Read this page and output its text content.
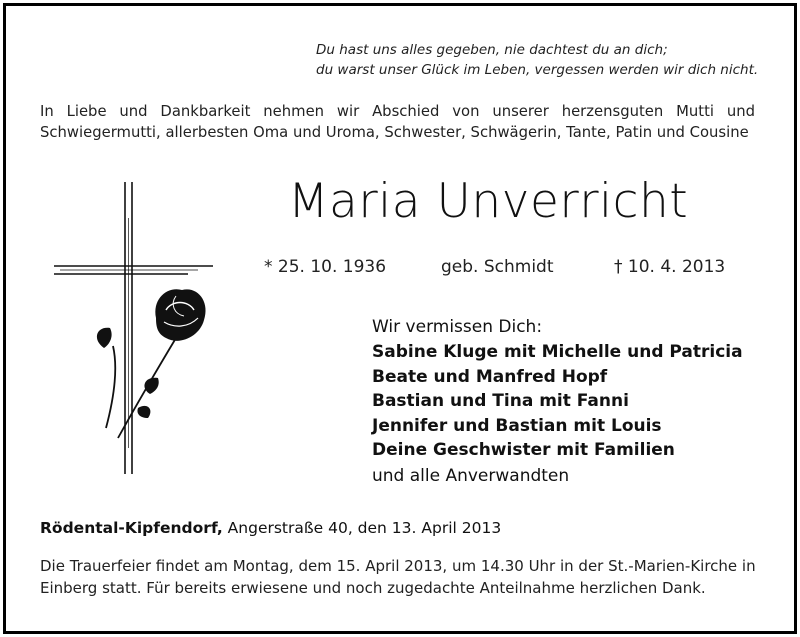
Du hast uns alles gegeben, nie dachtest du an dich;
du warst unser Glück im Leben, vergessen werden wir dich nicht.
In Liebe und Dankbarkeit nehmen wir Abschied von unserer herzensguten Mutti und Schwiegermutti, allerbesten Oma und Uroma, Schwester, Schwägerin, Tante, Patin und Cousine
Maria Unverricht
* 25. 10. 1936	geb. Schmidt	† 10. 4. 2013
Wir vermissen Dich:
Sabine Kluge mit Michelle und Patricia
Beate und Manfred Hopf
Bastian und Tina mit Fanni
Jennifer und Bastian mit Louis
Deine Geschwister mit Familien
und alle Anverwandten
Rödental-Kipfendorf, Angerstraße 40, den 13. April 2013
Die Trauerfeier findet am Montag, dem 15. April 2013, um 14.30 Uhr in der St.-Marien-Kirche in Einberg statt. Für bereits erwiesene und noch zugedachte Anteilnahme herzlichen Dank.
